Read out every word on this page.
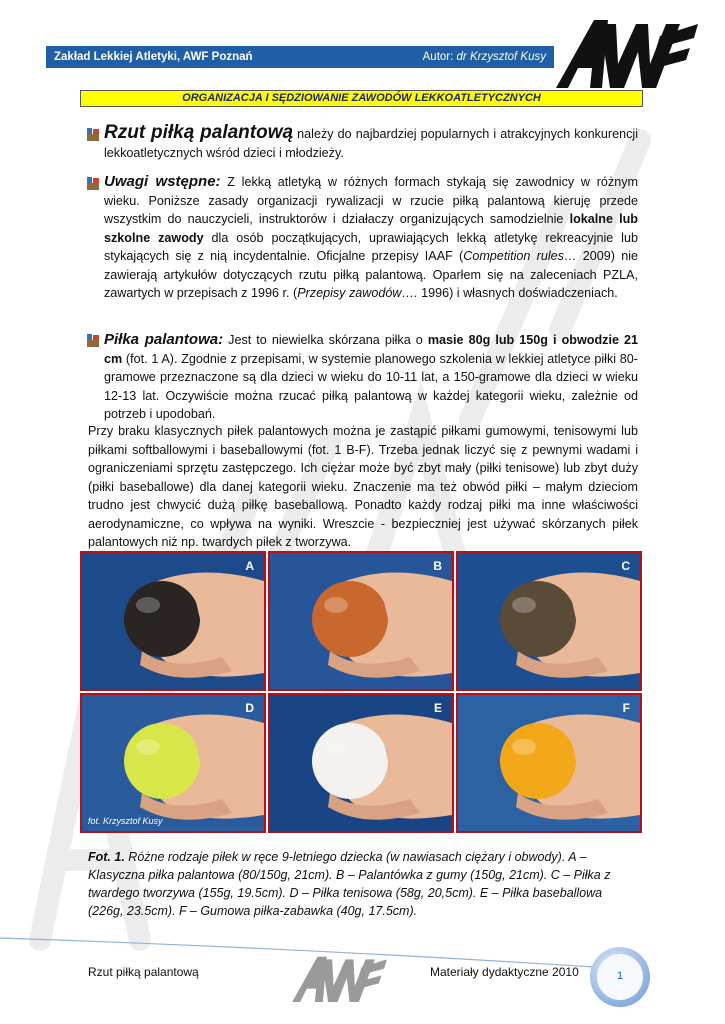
Zakład Lekkiej Atletyki, AWF Poznań	Autor: dr Krzysztof Kusy
ORGANIZACJA I SĘDZIOWANIE ZAWODÓW LEKKOATLETYCZNYCH
Rzut piłką palantową należy do najbardziej popularnych i atrakcyjnych konkurencji lekkoatletycznych wśród dzieci i młodzieży.
Uwagi wstępne: Z lekką atletyką w różnych formach stykają się zawodnicy w różnym wieku. Poniższe zasady organizacji rywalizacji w rzucie piłką palantową kieruję przede wszystkim do nauczycieli, instruktorów i działaczy organizujących samodzielnie lokalne lub szkolne zawody dla osób początkujących, uprawiających lekką atletykę rekreacyjnie lub stykających się z nią incydentalnie. Oficjalne przepisy IAAF (Competition rules… 2009) nie zawierają artykułów dotyczących rzutu piłką palantową. Oparłem się na zaleceniach PZLA, zawartych w przepisach z 1996 r. (Przepisy zawodów…. 1996) i własnych doświadczeniach.
Piłka palantowa: Jest to niewielka skórzana piłka o masie 80g lub 150g i obwodzie 21 cm (fot. 1 A). Zgodnie z przepisami, w systemie planowego szkolenia w lekkiej atletyce piłki 80-gramowe przeznaczone są dla dzieci w wieku do 10-11 lat, a 150-gramowe dla dzieci w wieku 12-13 lat. Oczywiście można rzucać piłką palantową w każdej kategorii wieku, zależnie od potrzeb i upodobań.
Przy braku klasycznych piłek palantowych można je zastąpić piłkami gumowymi, tenisowymi lub piłkami softballowymi i baseballowymi (fot. 1 B-F). Trzeba jednak liczyć się z pewnymi wadami i ograniczeniami sprzętu zastępczego. Ich ciężar może być zbyt mały (piłki tenisowe) lub zbyt duży (piłki baseballowe) dla danej kategorii wieku. Znaczenie ma też obwód piłki – małym dzieciom trudno jest chwycić dużą piłkę baseballową. Ponadto każdy rodzaj piłki ma inne właściwości aerodynamiczne, co wpływa na wyniki. Wreszcie - bezpieczniej jest używać skórzanych piłek palantowych niż np. twardych piłek z tworzywa.
A	B	C
D
fot. Krzysztof Kusy
E	F
Fot. 1. Różne rodzaje piłek w ręce 9-letniego dziecka (w nawiasach ciężary i obwody). A – Klasyczna piłka palantowa (80/150g, 21cm). B – Palantówka z gumy (150g, 21cm). C – Piłka z twardego tworzywa (155g, 19.5cm). D – Piłka tenisowa (58g, 20,5cm). E – Piłka baseballowa (226g, 23.5cm). F – Gumowa piłka-zabawka (40g, 17.5cm).
Rzut piłką palantową	Materiały dydaktyczne 2010	1
